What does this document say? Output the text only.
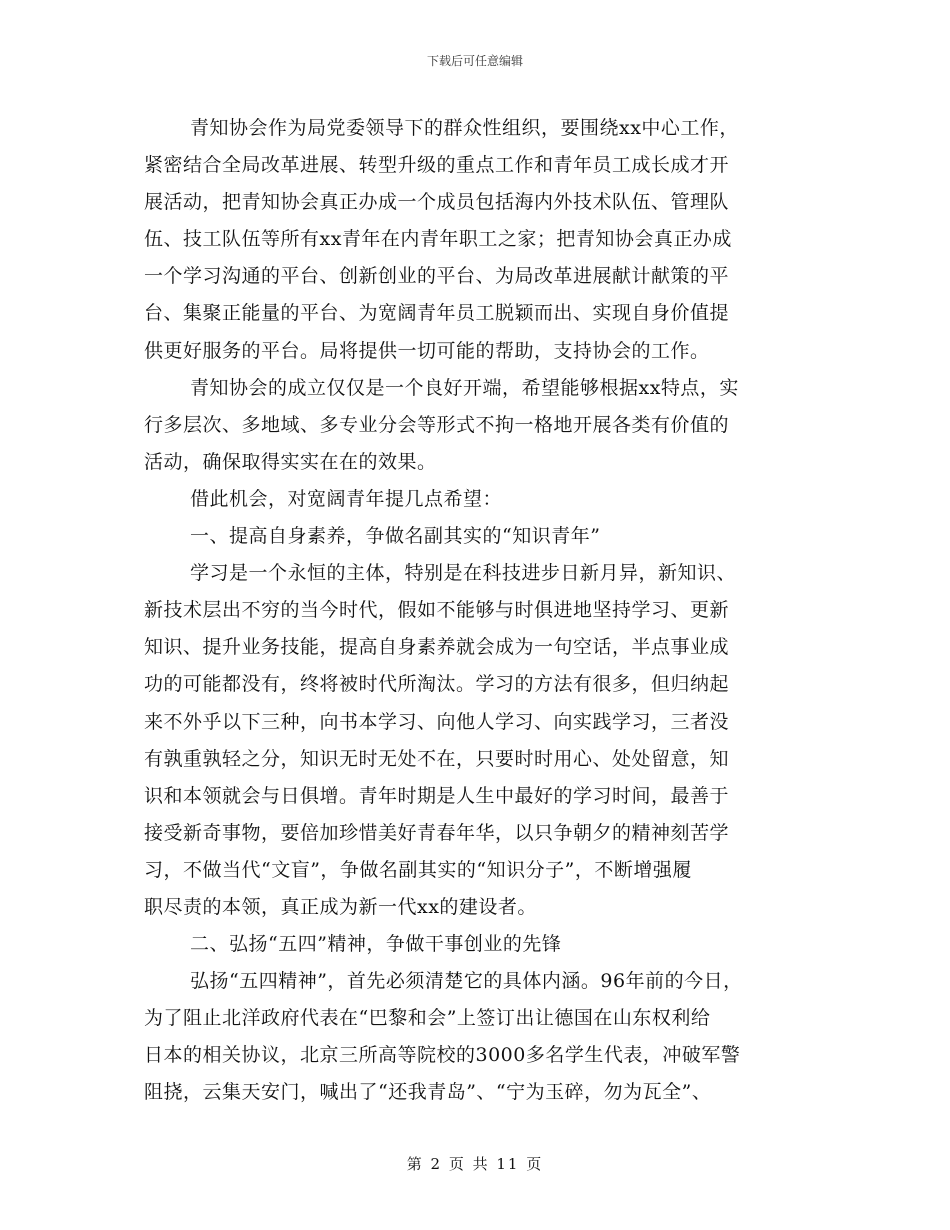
下载后可任意编辑
青知协会作为局党委领导下的群众性组织，要围绕xx中心工作，
紧密结合全局改革进展、转型升级的重点工作和青年员工成长成才开
展活动，把青知协会真正办成一个成员包括海内外技术队伍、管理队
伍、技工队伍等所有xx青年在内青年职工之家；把青知协会真正办成
一个学习沟通的平台、创新创业的平台、为局改革进展献计献策的平
台、集聚正能量的平台、为宽阔青年员工脱颖而出、实现自身价值提
供更好服务的平台。局将提供一切可能的帮助，支持协会的工作。
青知协会的成立仅仅是一个良好开端，希望能够根据xx特点，实
行多层次、多地域、多专业分会等形式不拘一格地开展各类有价值的
活动，确保取得实实在在的效果。
借此机会，对宽阔青年提几点希望：
一、提高自身素养，争做名副其实的“知识青年”
学习是一个永恒的主体，特别是在科技进步日新月异，新知识、
新技术层出不穷的当今时代，假如不能够与时俱进地坚持学习、更新
知识、提升业务技能，提高自身素养就会成为一句空话，半点事业成
功的可能都没有，终将被时代所淘汰。学习的方法有很多，但归纳起
来不外乎以下三种，向书本学习、向他人学习、向实践学习，三者没
有孰重孰轻之分，知识无时无处不在，只要时时用心、处处留意，知
识和本领就会与日俱增。青年时期是人生中最好的学习时间，最善于
接受新奇事物，要倍加珍惜美好青春年华，以只争朝夕的精神刻苦学
习，不做当代“文盲”，争做名副其实的“知识分子”，不断增强履
职尽责的本领，真正成为新一代xx的建设者。
二、弘扬“五四”精神，争做干事创业的先锋
弘扬“五四精神”，首先必须清楚它的具体内涵。96年前的今日，
为了阻止北洋政府代表在“巴黎和会”上签订出让德国在山东权利给
日本的相关协议，北京三所高等院校的3000多名学生代表，冲破军警
阻挠，云集天安门，喊出了“还我青岛”、“宁为玉碎，勿为瓦全”、
第 2 页 共 11 页
